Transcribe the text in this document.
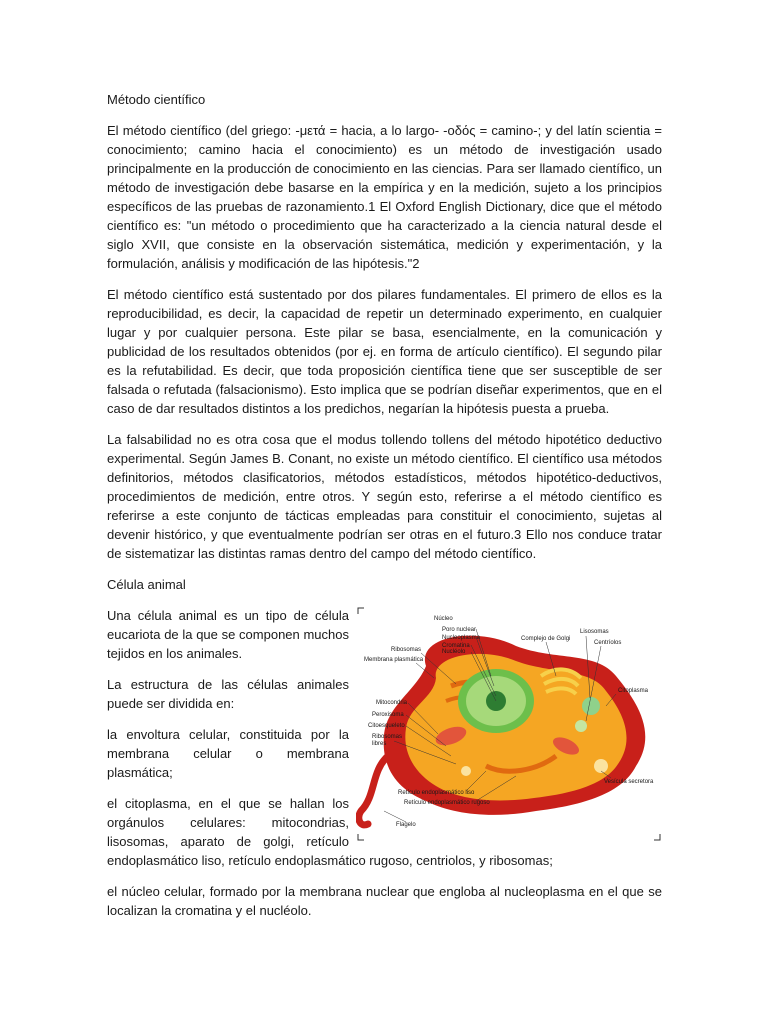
Método científico

El método científico (del griego: -μετά = hacia, a lo largo- -οδός = camino-; y del latín scientia = conocimiento; camino hacia el conocimiento) es un método de investigación usado principalmente en la producción de conocimiento en las ciencias. Para ser llamado científico, un método de investigación debe basarse en la empírica y en la medición, sujeto a los principios específicos de las pruebas de razonamiento.1 El Oxford English Dictionary, dice que el método científico es: "un método o procedimiento que ha caracterizado a la ciencia natural desde el siglo XVII, que consiste en la observación sistemática, medición y experimentación, y la formulación, análisis y modificación de las hipótesis."2

El método científico está sustentado por dos pilares fundamentales. El primero de ellos es la reproducibilidad, es decir, la capacidad de repetir un determinado experimento, en cualquier lugar y por cualquier persona. Este pilar se basa, esencialmente, en la comunicación y publicidad de los resultados obtenidos (por ej. en forma de artículo científico). El segundo pilar es la refutabilidad. Es decir, que toda proposición científica tiene que ser susceptible de ser falsada o refutada (falsacionismo). Esto implica que se podrían diseñar experimentos, que en el caso de dar resultados distintos a los predichos, negarían la hipótesis puesta a prueba.

La falsabilidad no es otra cosa que el modus tollendo tollens del método hipotético deductivo experimental. Según James B. Conant, no existe un método científico. El científico usa métodos definitorios, métodos clasificatorios, métodos estadísticos, métodos hipotético-deductivos, procedimientos de medición, entre otros. Y según esto, referirse a el método científico es referirse a este conjunto de tácticas empleadas para constituir el conocimiento, sujetas al devenir histórico, y que eventualmente podrían ser otras en el futuro.3 Ello nos conduce tratar de sistematizar las distintas ramas dentro del campo del método científico.

Célula animal
Núcleo
Poro nuclear
Nucleoplasma
Cromatina
Nucléolo
Complejo de Golgi
Lisosomas
Centríolos
Ribosomas
Membrana plasmática
Citoplasma
Mitocondria
Peroxisoma
Citoesqueleto
Ribosomas
libres
Vesícula secretora
Retículo endoplasmático liso
Retículo endoplasmático rugoso
Flagelo

Una célula animal es un tipo de célula eucariota de la que se componen muchos tejidos en los animales.

La estructura de las células animales puede ser dividida en:

la envoltura celular, constituida por la membrana celular o membrana plasmática;

el citoplasma, en el que se hallan los orgánulos celulares: mitocondrias, lisosomas, aparato de golgi, retículo endoplasmático liso, retículo endoplasmático rugoso, centriolos, y ribosomas;

el núcleo celular, formado por la membrana nuclear que engloba al nucleoplasma en el que se localizan la cromatina y el nucléolo.
